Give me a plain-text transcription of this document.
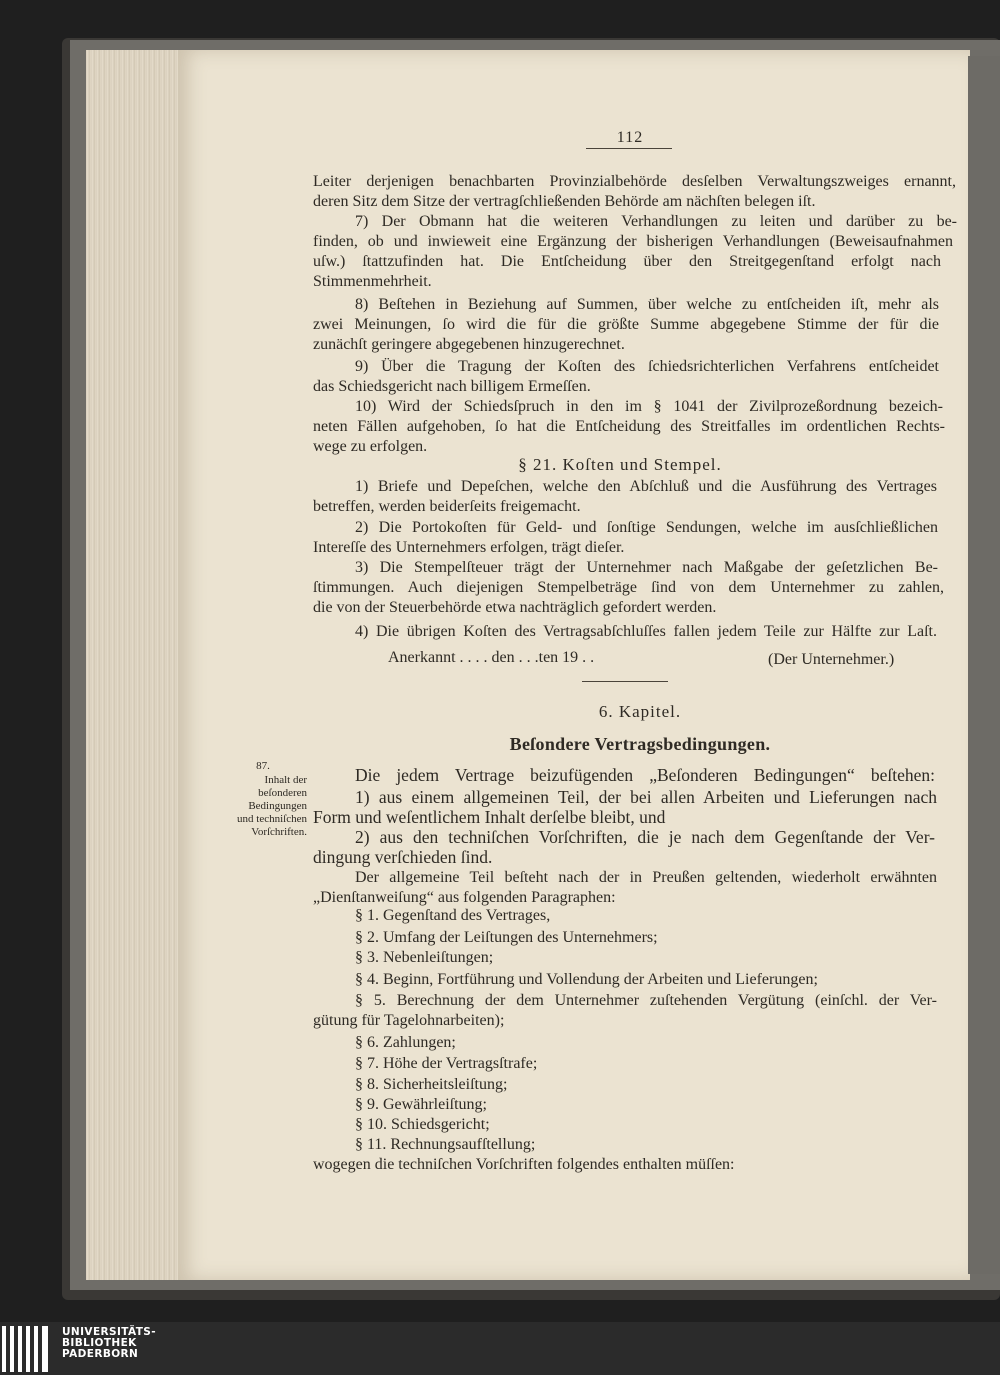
112
Leiter derjenigen benachbarten Provinzialbehörde desſelben Verwaltungszweiges ernannt,
deren Sitz dem Sitze der vertragſchließenden Behörde am nächſten belegen iſt.
7) Der Obmann hat die weiteren Verhandlungen zu leiten und darüber zu be-
finden, ob und inwieweit eine Ergänzung der bisherigen Verhandlungen (Beweisaufnahmen
uſw.) ſtattzufinden hat. Die Entſcheidung über den Streitgegenſtand erfolgt nach
Stimmenmehrheit.
8) Beſtehen in Beziehung auf Summen, über welche zu entſcheiden iſt, mehr als
zwei Meinungen, ſo wird die für die größte Summe abgegebene Stimme der für die
zunächſt geringere abgegebenen hinzugerechnet.
9) Über die Tragung der Koſten des ſchiedsrichterlichen Verfahrens entſcheidet
das Schiedsgericht nach billigem Ermeſſen.
10) Wird der Schiedsſpruch in den im § 1041 der Zivilprozeßordnung bezeich-
neten Fällen aufgehoben, ſo hat die Entſcheidung des Streitfalles im ordentlichen Rechts-
wege zu erfolgen.
§ 21. Koſten und Stempel.
1) Briefe und Depeſchen, welche den Abſchluß und die Ausführung des Vertrages
betreffen, werden beiderſeits freigemacht.
2) Die Portokoſten für Geld- und ſonſtige Sendungen, welche im ausſchließlichen
Intereſſe des Unternehmers erfolgen, trägt dieſer.
3) Die Stempelſteuer trägt der Unternehmer nach Maßgabe der geſetzlichen Be-
ſtimmungen. Auch diejenigen Stempelbeträge ſind von dem Unternehmer zu zahlen,
die von der Steuerbehörde etwa nachträglich gefordert werden.
4) Die übrigen Koſten des Vertragsabſchluſſes fallen jedem Teile zur Hälfte zur Laſt.
Anerkannt . . . . den . . .ten 19 . .	(Der Unternehmer.)
6. Kapitel.
Beſondere Vertragsbedingungen.
Die jedem Vertrage beizufügenden „Beſonderen Bedingungen“ beſtehen:
1) aus einem allgemeinen Teil, der bei allen Arbeiten und Lieferungen nach
Form und weſentlichem Inhalt derſelbe bleibt, und
2) aus den techniſchen Vorſchriften, die je nach dem Gegenſtande der Ver-
dingung verſchieden ſind.
Der allgemeine Teil beſteht nach der in Preußen geltenden, wiederholt erwähnten
„Dienſtanweiſung“ aus folgenden Paragraphen:
§ 1. Gegenſtand des Vertrages,
§ 2. Umfang der Leiſtungen des Unternehmers;
§ 3. Nebenleiſtungen;
§ 4. Beginn, Fortführung und Vollendung der Arbeiten und Lieferungen;
§ 5. Berechnung der dem Unternehmer zuſtehenden Vergütung (einſchl. der Ver-
gütung für Tagelohnarbeiten);
§ 6. Zahlungen;
§ 7. Höhe der Vertragsſtrafe;
§ 8. Sicherheitsleiſtung;
§ 9. Gewährleiſtung;
§ 10. Schiedsgericht;
§ 11. Rechnungsaufſtellung;
wogegen die techniſchen Vorſchriften folgendes enthalten müſſen:
87.
Inhalt der
beſonderen
Bedingungen
und techniſchen
Vorſchriften.
UNIVERSITÄTS-
BIBLIOTHEK
PADERBORN
